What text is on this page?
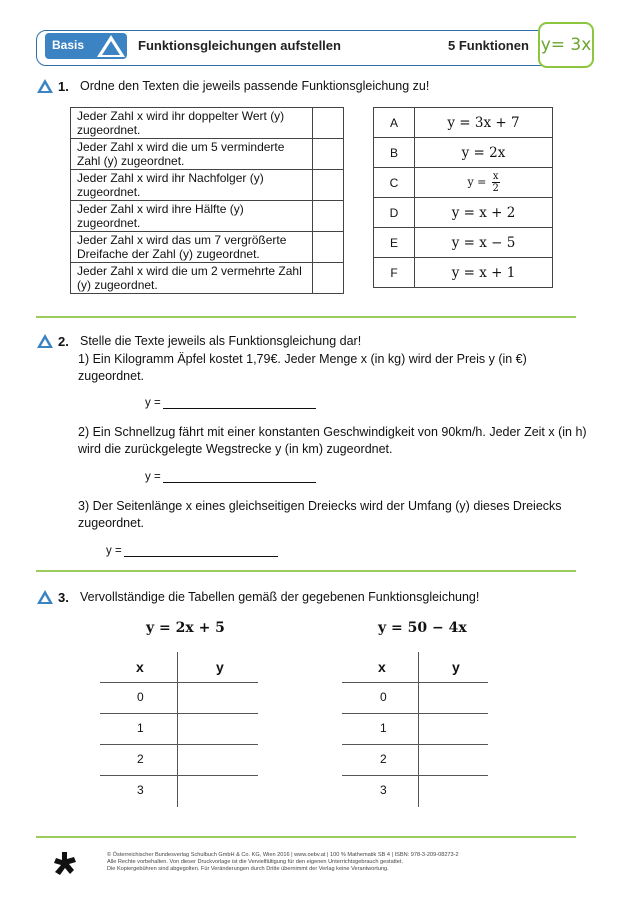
Basis	Funktionsgleichungen aufstellen	5 Funktionen y= 3x
1. Ordne den Texten die jeweils passende Funktionsgleichung zu!
Jeder Zahl x wird ihr doppelter Wert (y) zugeordnet.	
Jeder Zahl x wird die um 5 verminderte Zahl (y) zugeordnet.	
Jeder Zahl x wird ihr Nachfolger (y) zugeordnet.	
Jeder Zahl x wird ihre Hälfte (y) zugeordnet.	
Jeder Zahl x wird das um 7 vergrößerte Dreifache der Zahl (y) zugeordnet.	
Jeder Zahl x wird die um 2 vermehrte Zahl (y) zugeordnet.	
A	y = 3x + 7
B	y = 2x
C	$y = \frac{x}{2}$

D	y = x + 2
E	y = x − 5
F	y = x + 1
2. Stelle die Texte jeweils als Funktionsgleichung dar!
1) Ein Kilogramm Äpfel kostet 1,79€. Jeder Menge x (in kg) wird der Preis y (in €)
zugeordnet.
y =
2) Ein Schnellzug fährt mit einer konstanten Geschwindigkeit von 90km/h. Jeder Zeit x (in h)
wird die zurückgelegte Wegstrecke y (in km) zugeordnet.
y =
3) Der Seitenlänge x eines gleichseitigen Dreiecks wird der Umfang (y) dieses Dreiecks
zugeordnet.
y =
3. Vervollständige die Tabellen gemäß der gegebenen Funktionsgleichung!
y = 2x + 5
x	y
0
1
2
3
y = 50 − 4x
x	y
0
1
2
3
© Österreichischer Bundesverlag Schulbuch GmbH & Co. KG, Wien 2016 | www.oebv.at | 100 % Mathematik SB 4 | ISBN: 978-3-209-08273-2
Alle Rechte vorbehalten. Von dieser Druckvorlage ist die Vervielfältigung für den eigenen Unterrichtsgebrauch gestattet.
Die Kopiergebühren sind abgegolten. Für Veränderungen durch Dritte übernimmt der Verlag keine Verantwortung.
